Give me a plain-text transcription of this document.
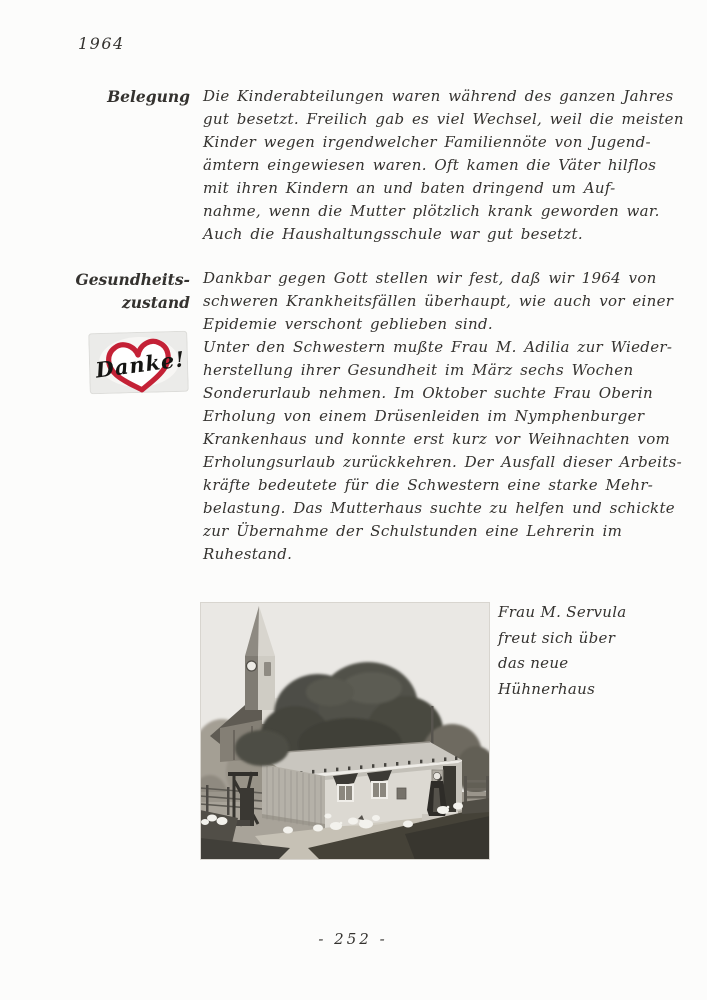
1964
Belegung Die Kinderabteilungen waren während des ganzen Jahres
gut besetzt. Freilich gab es viel Wechsel, weil die meisten
Kinder wegen irgendwelcher Familiennöte von Jugend-
ämtern eingewiesen waren. Oft kamen die Väter hilflos
mit ihren Kindern an und baten dringend um Auf-
nahme, wenn die Mutter plötzlich krank geworden war.
Auch die Haushaltungsschule war gut besetzt.
Gesundheits-
zustand
Danke!
Dankbar gegen Gott stellen wir fest, daß wir 1964 von
schweren Krankheitsfällen überhaupt, wie auch vor einer
Epidemie verschont geblieben sind.
Unter den Schwestern mußte Frau M. Adilia zur Wieder-
herstellung ihrer Gesundheit im März sechs Wochen
Sonderurlaub nehmen. Im Oktober suchte Frau Oberin
Erholung von einem Drüsenleiden im Nymphenburger
Krankenhaus und konnte erst kurz vor Weihnachten vom
Erholungsurlaub zurückkehren. Der Ausfall dieser Arbeits-
kräfte bedeutete für die Schwestern eine starke Mehr-
belastung. Das Mutterhaus suchte zu helfen und schickte
zur Übernahme der Schulstunden eine Lehrerin im
Ruhestand.
Frau M. Servula
freut sich über
das neue
Hühnerhaus
- 252 -
